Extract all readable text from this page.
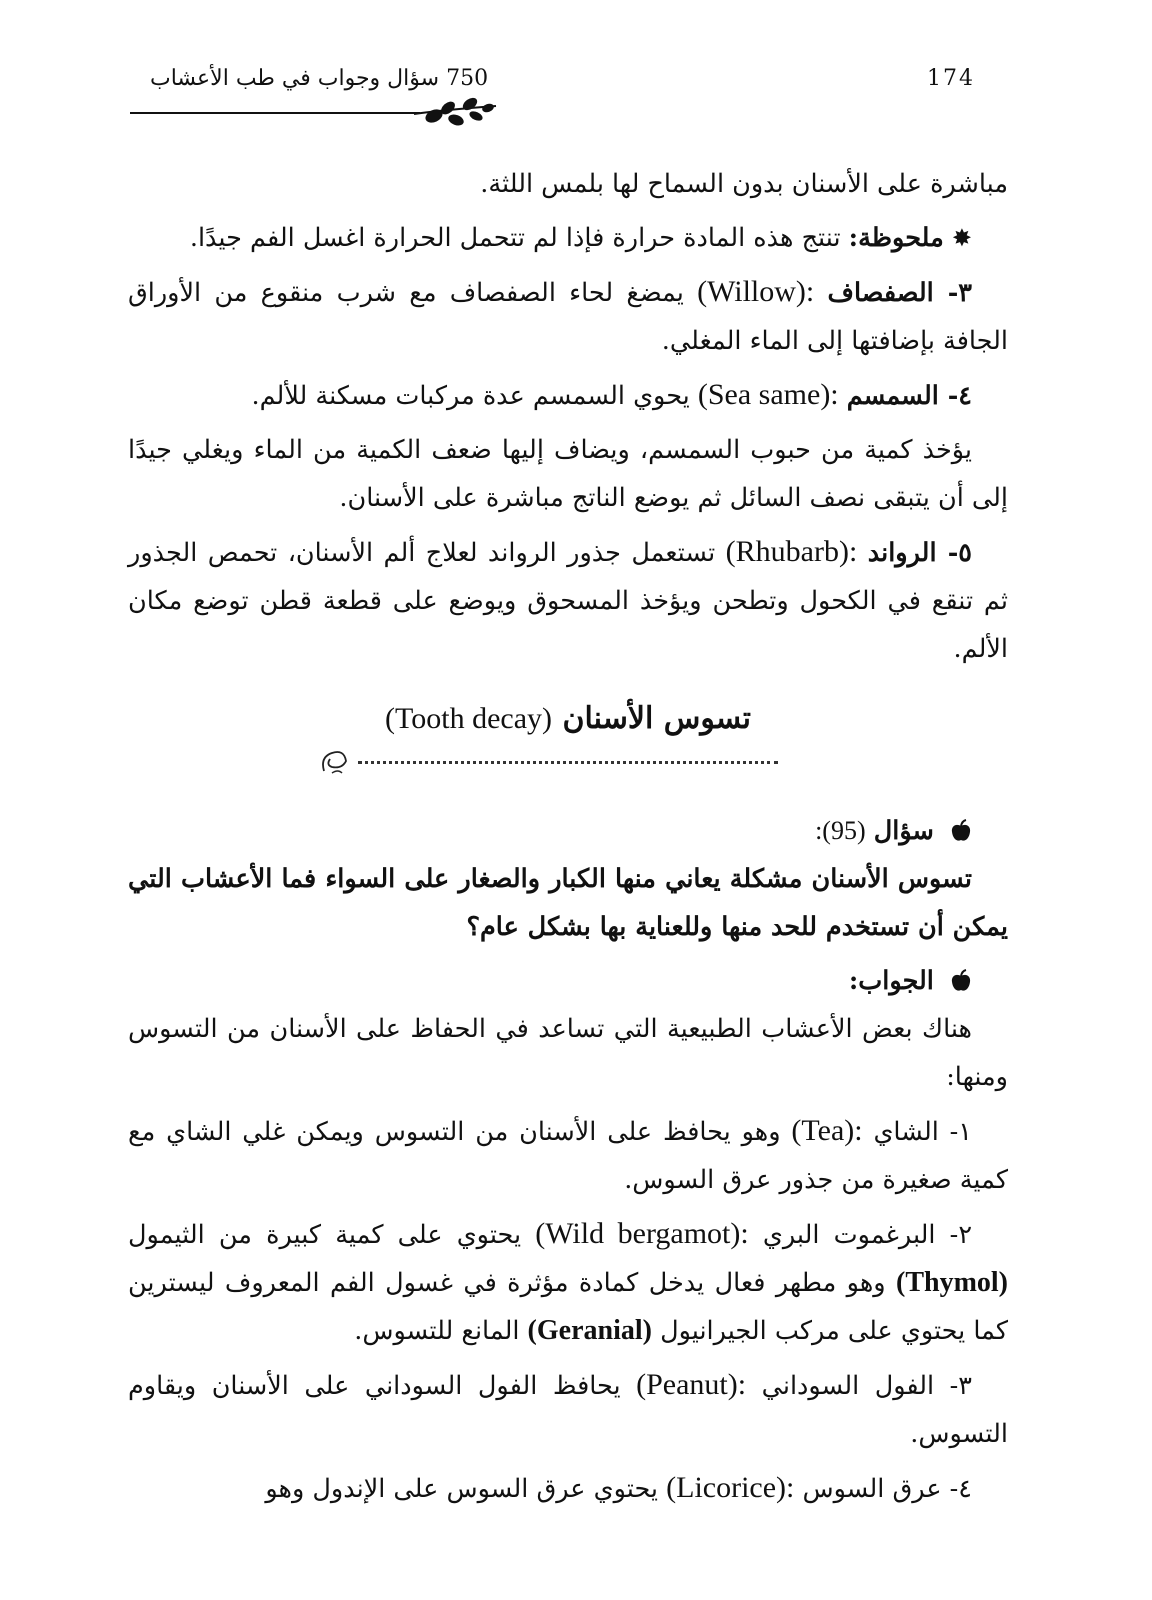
750 سؤال وجواب في طب الأعشاب	174

مباشرة على الأسنان بدون السماح لها بلمس اللثة.

✸ ملحوظة: تنتج هذه المادة حرارة فإذا لم تتحمل الحرارة اغسل الفم جيدًا.

٣- الصفصاف (Willow): يمضغ لحاء الصفصاف مع شرب منقوع من الأوراق الجافة بإضافتها إلى الماء المغلي.

٤- السمسم (Sea same): يحوي السمسم عدة مركبات مسكنة للألم.

يؤخذ كمية من حبوب السمسم، ويضاف إليها ضعف الكمية من الماء ويغلي جيدًا إلى أن يتبقى نصف السائل ثم يوضع الناتج مباشرة على الأسنان.

٥- الرواند (Rhubarb): تستعمل جذور الرواند لعلاج ألم الأسنان، تحمص الجذور ثم تنقع في الكحول وتطحن ويؤخذ المسحوق ويوضع على قطعة قطن توضع مكان الألم.

تسوس الأسنان (Tooth decay)

سؤال (95):

تسوس الأسنان مشكلة يعاني منها الكبار والصغار على السواء فما الأعشاب التي يمكن أن تستخدم للحد منها وللعناية بها بشكل عام؟

الجواب:

هناك بعض الأعشاب الطبيعية التي تساعد في الحفاظ على الأسنان من التسوس ومنها:

١- الشاي (Tea): وهو يحافظ على الأسنان من التسوس ويمكن غلي الشاي مع كمية صغيرة من جذور عرق السوس.

٢- البرغموت البري (Wild bergamot): يحتوي على كمية كبيرة من الثيمول (Thymol) وهو مطهر فعال يدخل كمادة مؤثرة في غسول الفم المعروف ليسترين كما يحتوي على مركب الجيرانيول (Geranial) المانع للتسوس.

٣- الفول السوداني (Peanut): يحافظ الفول السوداني على الأسنان ويقاوم التسوس.

٤- عرق السوس (Licorice): يحتوي عرق السوس على الإندول وهو
